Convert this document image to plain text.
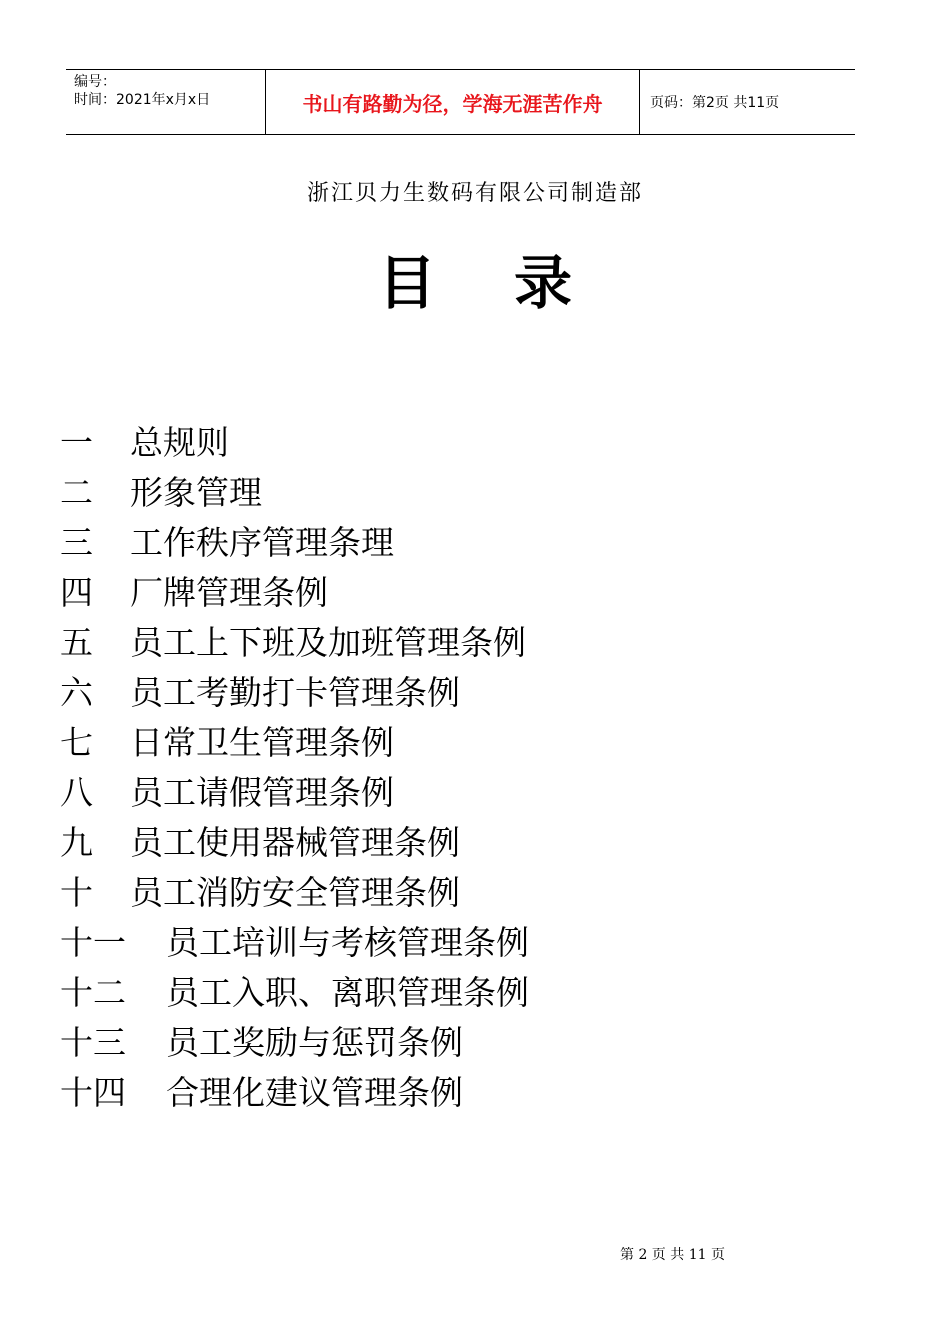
编号：
时间：2021年x月x日	书山有路勤为径，学海无涯苦作舟	页码：第2页 共11页
浙江贝力生数码有限公司制造部
目 录
一 总规则
二 形象管理
三 工作秩序管理条理
四 厂牌管理条例
五 员工上下班及加班管理条例
六 员工考勤打卡管理条例
七 日常卫生管理条例
八 员工请假管理条例
九 员工使用器械管理条例
十 员工消防安全管理条例
十一 员工培训与考核管理条例
十二 员工入职、离职管理条例
十三 员工奖励与惩罚条例
十四 合理化建议管理条例
第 2 页 共 11 页
